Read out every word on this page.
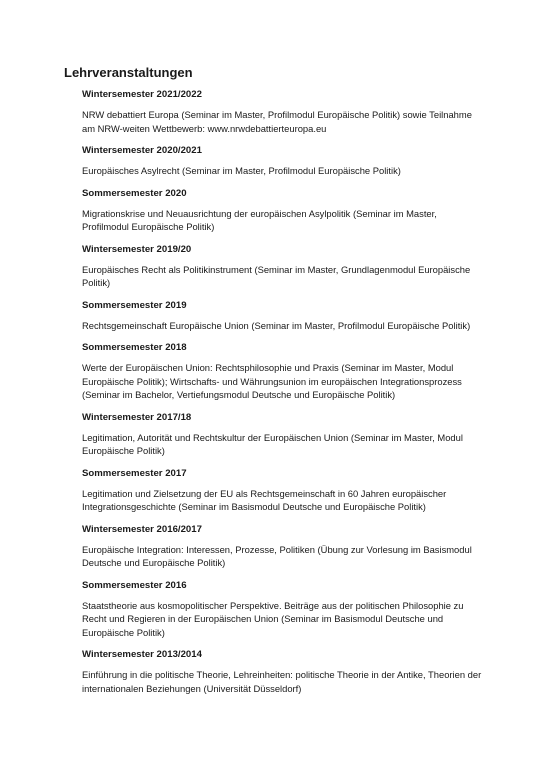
Lehrveranstaltungen
Wintersemester 2021/2022
NRW debattiert Europa (Seminar im Master, Profilmodul Europäische Politik) sowie Teilnahme
am NRW-weiten Wettbewerb: www.nrwdebattierteuropa.eu
Wintersemester 2020/2021
Europäisches Asylrecht (Seminar im Master, Profilmodul Europäische Politik)
Sommersemester 2020
Migrationskrise und Neuausrichtung der europäischen Asylpolitik (Seminar im Master,
Profilmodul Europäische Politik)
Wintersemester 2019/20
Europäisches Recht als Politikinstrument (Seminar im Master, Grundlagenmodul Europäische
Politik)
Sommersemester 2019
Rechtsgemeinschaft Europäische Union (Seminar im Master, Profilmodul Europäische Politik)
Sommersemester 2018
Werte der Europäischen Union: Rechtsphilosophie und Praxis (Seminar im Master, Modul
Europäische Politik); Wirtschafts- und Währungsunion im europäischen Integrationsprozess
(Seminar im Bachelor, Vertiefungsmodul Deutsche und Europäische Politik)
Wintersemester 2017/18
Legitimation, Autorität und Rechtskultur der Europäischen Union (Seminar im Master, Modul
Europäische Politik)
Sommersemester 2017
Legitimation und Zielsetzung der EU als Rechtsgemeinschaft in 60 Jahren europäischer
Integrationsgeschichte (Seminar im Basismodul Deutsche und Europäische Politik)
Wintersemester 2016/2017
Europäische Integration: Interessen, Prozesse, Politiken (Übung zur Vorlesung im Basismodul
Deutsche und Europäische Politik)
Sommersemester 2016
Staatstheorie aus kosmopolitischer Perspektive. Beiträge aus der politischen Philosophie zu
Recht und Regieren in der Europäischen Union (Seminar im Basismodul Deutsche und
Europäische Politik)
Wintersemester 2013/2014
Einführung in die politische Theorie, Lehreinheiten: politische Theorie in der Antike, Theorien der
internationalen Beziehungen (Universität Düsseldorf)
